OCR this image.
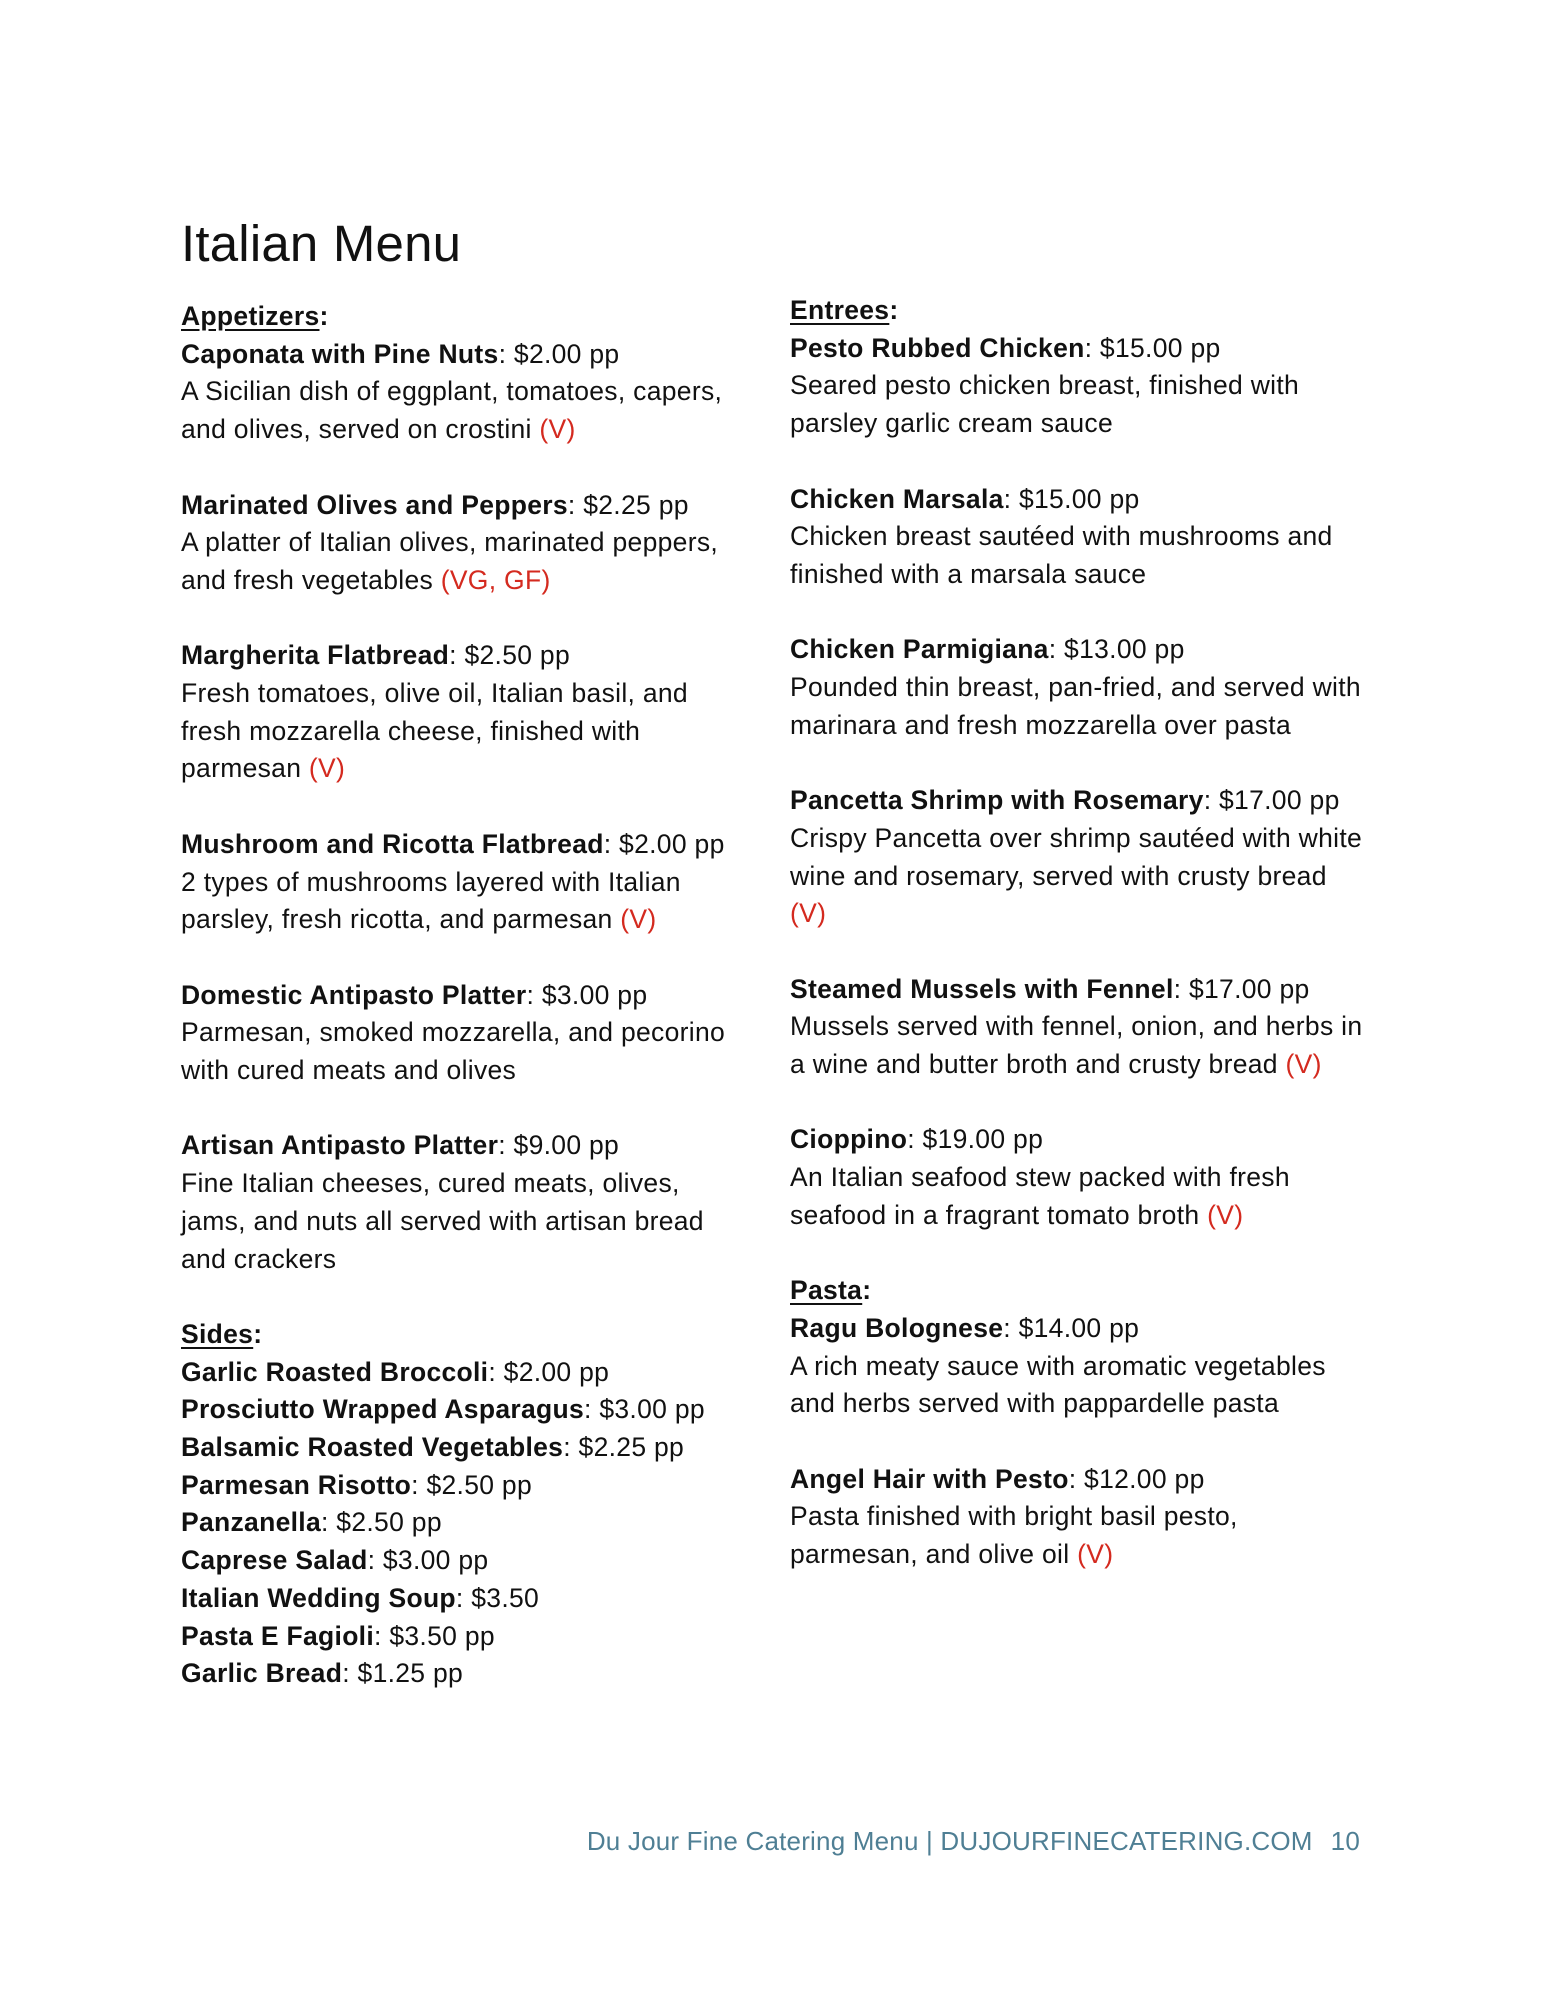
Italian Menu

Appetizers:

Caponata with Pine Nuts: $2.00 pp
A Sicilian dish of eggplant, tomatoes, capers, and olives, served on crostini (V)
Marinated Olives and Peppers: $2.25 pp
A platter of Italian olives, marinated peppers, and fresh vegetables (VG, GF)
Margherita Flatbread: $2.50 pp
Fresh tomatoes, olive oil, Italian basil, and fresh mozzarella cheese, finished with parmesan (V)
Mushroom and Ricotta Flatbread: $2.00 pp
2 types of mushrooms layered with Italian parsley, fresh ricotta, and parmesan (V)
Domestic Antipasto Platter: $3.00 pp
Parmesan, smoked mozzarella, and pecorino with cured meats and olives
Artisan Antipasto Platter: $9.00 pp
Fine Italian cheeses, cured meats, olives, jams, and nuts all served with artisan bread and crackers

Sides:

Garlic Roasted Broccoli: $2.00 pp
Prosciutto Wrapped Asparagus: $3.00 pp
Balsamic Roasted Vegetables: $2.25 pp
Parmesan Risotto: $2.50 pp
Panzanella: $2.50 pp
Caprese Salad: $3.00 pp
Italian Wedding Soup: $3.50
Pasta E Fagioli: $3.50 pp
Garlic Bread: $1.25 pp

Entrees:

Pesto Rubbed Chicken: $15.00 pp
Seared pesto chicken breast, finished with parsley garlic cream sauce
Chicken Marsala: $15.00 pp
Chicken breast sautéed with mushrooms and finished with a marsala sauce
Chicken Parmigiana: $13.00 pp
Pounded thin breast, pan-fried, and served with marinara and fresh mozzarella over pasta
Pancetta Shrimp with Rosemary: $17.00 pp
Crispy Pancetta over shrimp sautéed with white wine and rosemary, served with crusty bread (V)
Steamed Mussels with Fennel: $17.00 pp
Mussels served with fennel, onion, and herbs in a wine and butter broth and crusty bread (V)
Cioppino: $19.00 pp
An Italian seafood stew packed with fresh seafood in a fragrant tomato broth (V)

Pasta:

Ragu Bolognese: $14.00 pp
A rich meaty sauce with aromatic vegetables and herbs served with pappardelle pasta
Angel Hair with Pesto: $12.00 pp
Pasta finished with bright basil pesto, parmesan, and olive oil (V)
Du Jour Fine Catering Menu | DUJOURFINECATERING.COM 10
